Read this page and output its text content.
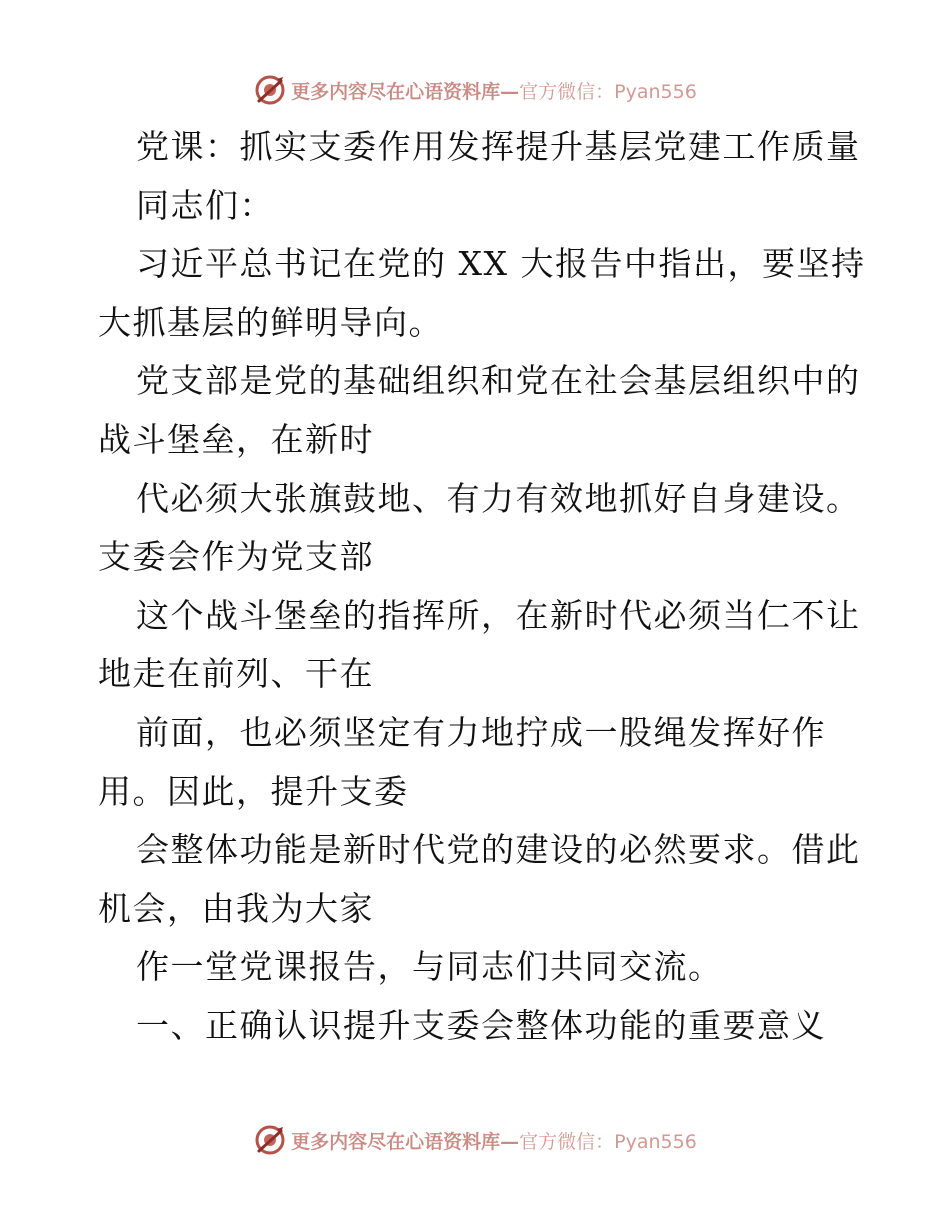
更多内容尽在心语资料库— 官方微信：Pyan556
党课：抓实支委作用发挥提升基层党建工作质量
同志们：
习近平总书记在党的 XX 大报告中指出，要坚持
大抓基层的鲜明导向。
党支部是党的基础组织和党在社会基层组织中的
战斗堡垒，在新时
代必须大张旗鼓地、有力有效地抓好自身建设。
支委会作为党支部
这个战斗堡垒的指挥所，在新时代必须当仁不让
地走在前列、干在
前面，也必须坚定有力地拧成一股绳发挥好作
用。因此，提升支委
会整体功能是新时代党的建设的必然要求。借此
机会，由我为大家
作一堂党课报告，与同志们共同交流。
一、正确认识提升支委会整体功能的重要意义
更多内容尽在心语资料库— 官方微信：Pyan556
